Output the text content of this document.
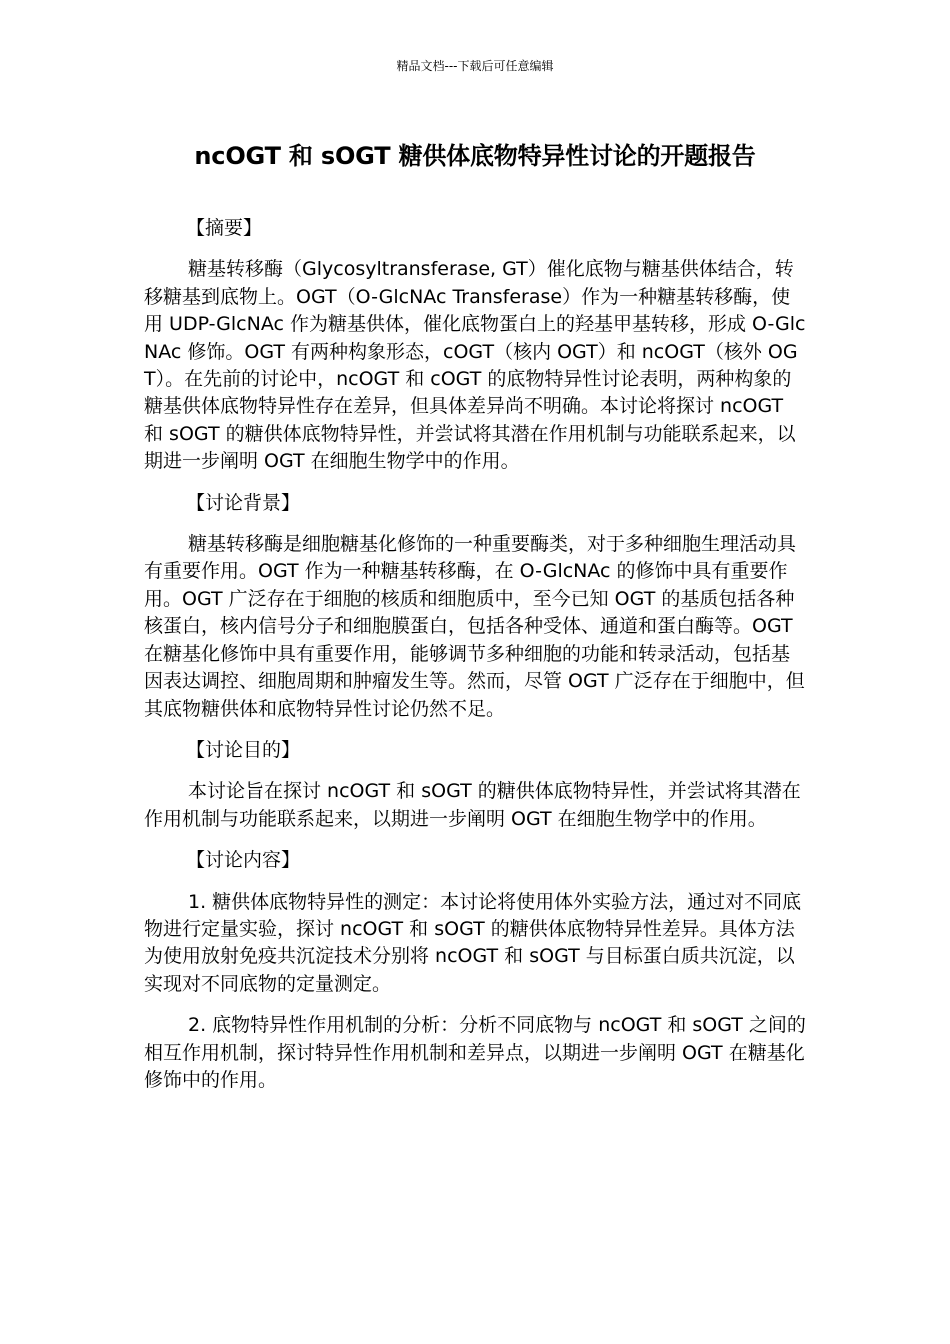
精品文档---下载后可任意编辑
ncOGT 和 sOGT 糖供体底物特异性讨论的开题报告
【摘要】

糖基转移酶（Glycosyltransferase, GT）催化底物与糖基供体结合，转移糖基到底物上。OGT（O-GlcNAc Transferase）作为一种糖基转移酶，使用 UDP-GlcNAc 作为糖基供体，催化底物蛋白上的羟基甲基转移，形成 O-GlcNAc 修饰。OGT 有两种构象形态，cOGT（核内 OGT）和 ncOGT（核外 OGT）。在先前的讨论中，ncOGT 和 cOGT 的底物特异性讨论表明，两种构象的糖基供体底物特异性存在差异，但具体差异尚不明确。本讨论将探讨 ncOGT 和 sOGT 的糖供体底物特异性，并尝试将其潜在作用机制与功能联系起来，以期进一步阐明 OGT 在细胞生物学中的作用。

【讨论背景】

糖基转移酶是细胞糖基化修饰的一种重要酶类，对于多种细胞生理活动具有重要作用。OGT 作为一种糖基转移酶，在 O-GlcNAc 的修饰中具有重要作用。OGT 广泛存在于细胞的核质和细胞质中，至今已知 OGT 的基质包括各种核蛋白，核内信号分子和细胞膜蛋白，包括各种受体、通道和蛋白酶等。OGT 在糖基化修饰中具有重要作用，能够调节多种细胞的功能和转录活动，包括基因表达调控、细胞周期和肿瘤发生等。然而，尽管 OGT 广泛存在于细胞中，但其底物糖供体和底物特异性讨论仍然不足。

【讨论目的】

本讨论旨在探讨 ncOGT 和 sOGT 的糖供体底物特异性，并尝试将其潜在作用机制与功能联系起来，以期进一步阐明 OGT 在细胞生物学中的作用。

【讨论内容】

1. 糖供体底物特异性的测定：本讨论将使用体外实验方法，通过对不同底物进行定量实验，探讨 ncOGT 和 sOGT 的糖供体底物特异性差异。具体方法为使用放射免疫共沉淀技术分别将 ncOGT 和 sOGT 与目标蛋白质共沉淀，以实现对不同底物的定量测定。

2. 底物特异性作用机制的分析：分析不同底物与 ncOGT 和 sOGT 之间的相互作用机制，探讨特异性作用机制和差异点，以期进一步阐明 OGT 在糖基化修饰中的作用。
